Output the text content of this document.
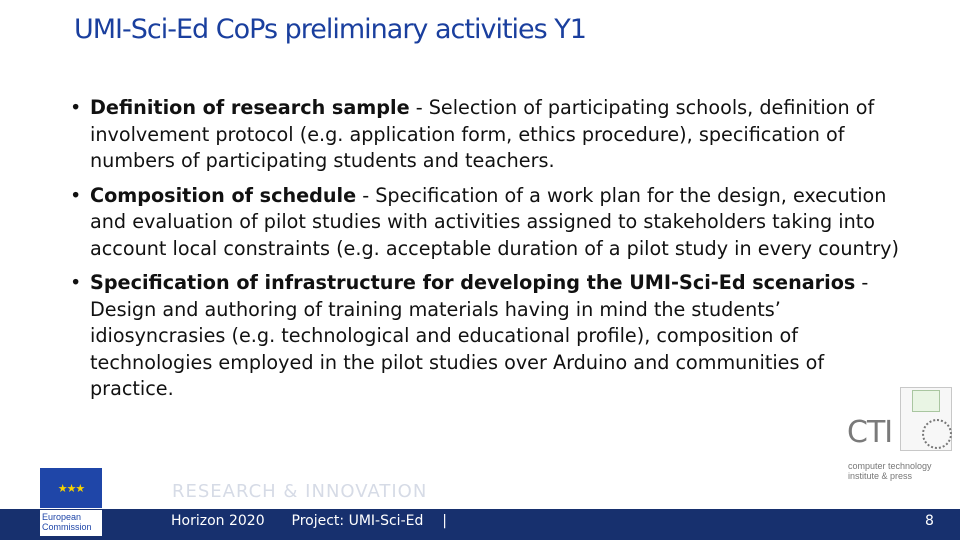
UMI-Sci-Ed CoPs preliminary activities Y1
• Definition of research sample - Selection of participating schools, definition of involvement protocol (e.g. application form, ethics procedure), specification of numbers of participating students and teachers.
• Composition of schedule - Specification of a work plan for the design, execution and evaluation of pilot studies with activities assigned to stakeholders taking into account local constraints (e.g. acceptable duration of a pilot study in every country)
• Specification of infrastructure for developing the UMI-Sci-Ed scenarios - Design and authoring of training materials having in mind the students’ idiosyncrasies (e.g. technological and educational profile), composition of technologies employed in the pilot studies over Arduino and communities of practice.
CTI
computer technology institute & press
RESEARCH & INNOVATION
★★★
European Commission	Horizon 2020 Project: UMI-Sci-Ed |	8
